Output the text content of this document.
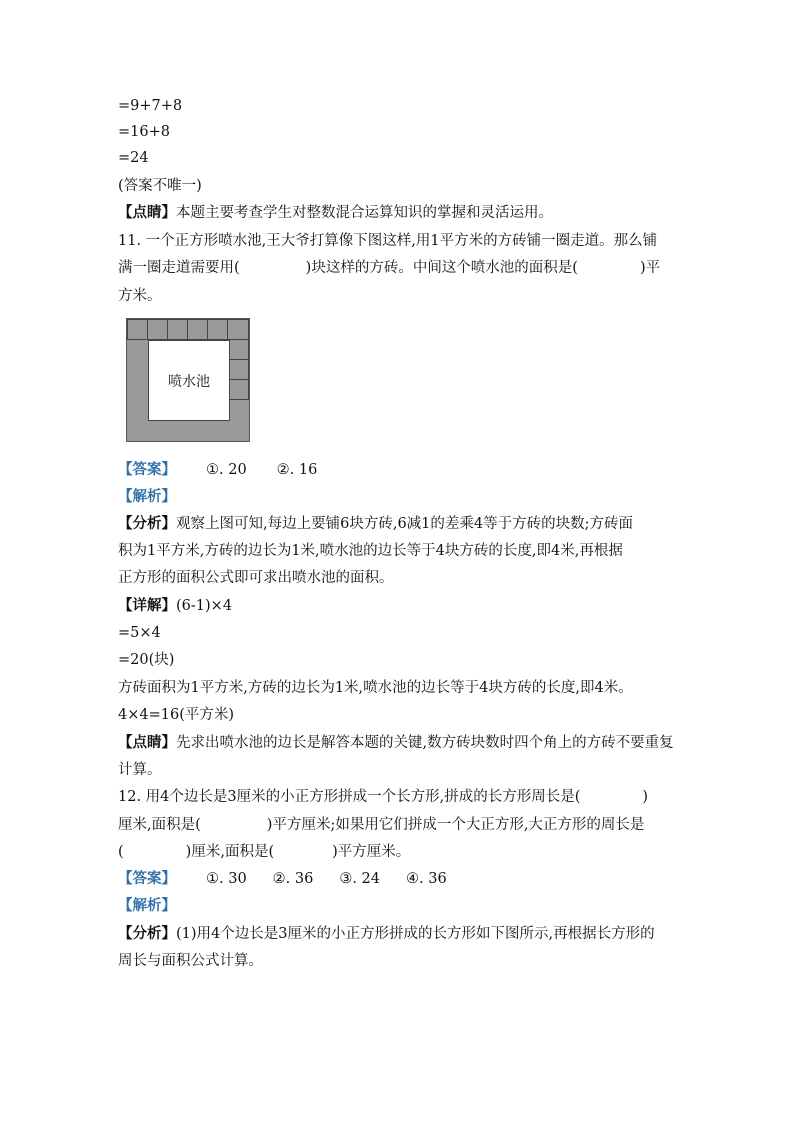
=9+7+8
=16+8
=24
(答案不唯一)
【点睛】本题主要考查学生对整数混合运算知识的掌握和灵活运用。
11. 一个正方形喷水池,王大爷打算像下图这样,用1平方米的方砖铺一圈走道。那么铺
满一圈走道需要用(	)块这样的方砖。中间这个喷水池的面积是(	)平
方米。
喷水池
【答案】 ①. 20 ②. 16
【解析】
【分析】观察上图可知,每边上要铺6块方砖,6减1的差乘4等于方砖的块数;方砖面
积为1平方米,方砖的边长为1米,喷水池的边长等于4块方砖的长度,即4米,再根据
正方形的面积公式即可求出喷水池的面积。
【详解】(6-1)×4
=5×4
=20(块)
方砖面积为1平方米,方砖的边长为1米,喷水池的边长等于4块方砖的长度,即4米。
4×4=16(平方米)
【点睛】先求出喷水池的边长是解答本题的关键,数方砖块数时四个角上的方砖不要重复
计算。
12. 用4个边长是3厘米的小正方形拼成一个长方形,拼成的长方形周长是(	)
厘米,面积是(	)平方厘米;如果用它们拼成一个大正方形,大正方形的周长是
(	)厘米,面积是(	)平方厘米。
【答案】 ①. 30 ②. 36 ③. 24 ④. 36
【解析】
【分析】(1)用4个边长是3厘米的小正方形拼成的长方形如下图所示,再根据长方形的
周长与面积公式计算。
